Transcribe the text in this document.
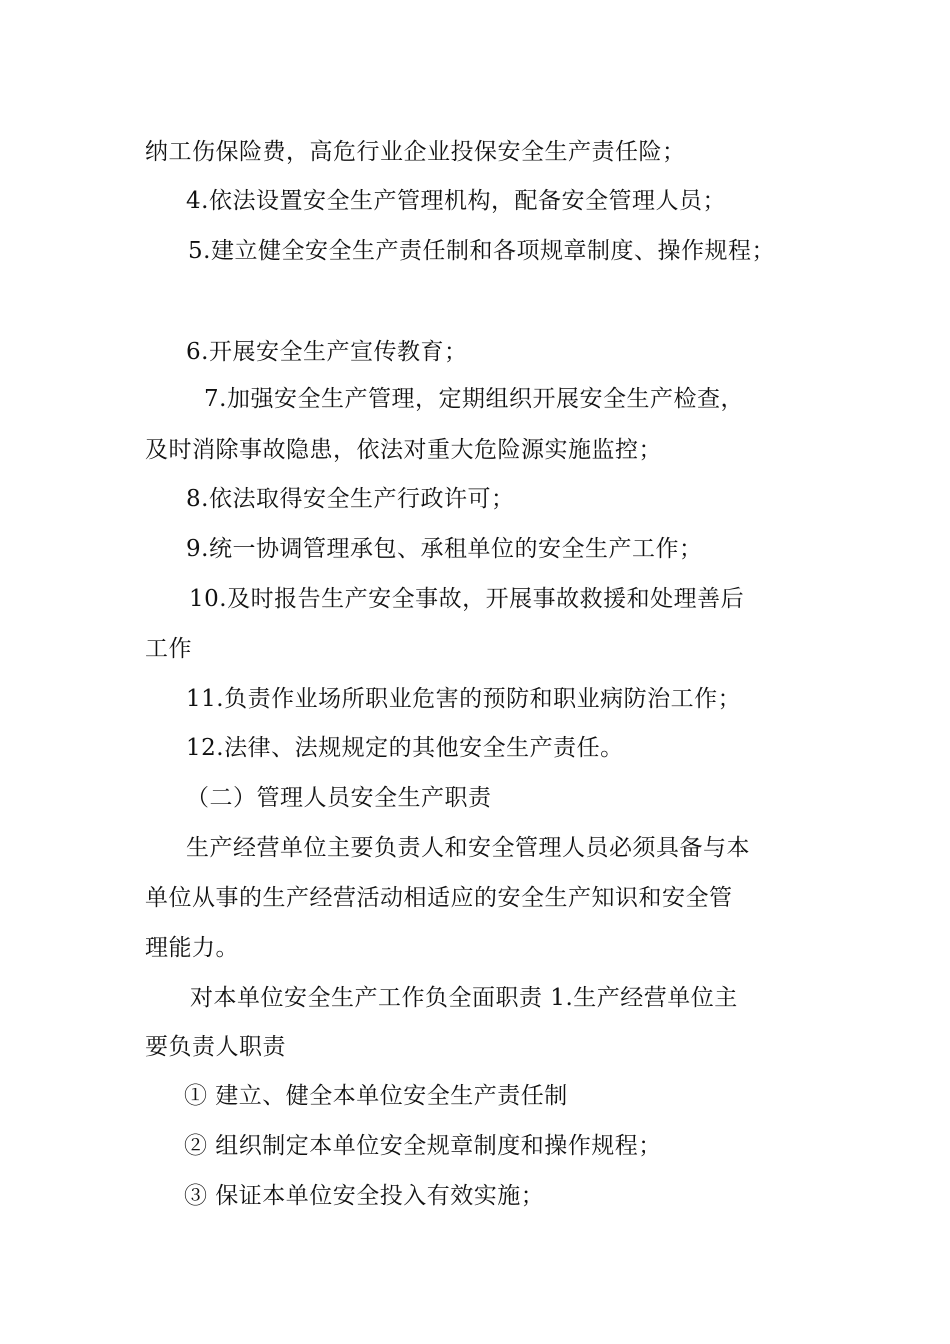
纳工伤保险费，高危行业企业投保安全生产责任险；
4.依法设置安全生产管理机构，配备安全管理人员；
5.建立健全安全生产责任制和各项规章制度、操作规程；
6.开展安全生产宣传教育；
7.加强安全生产管理，定期组织开展安全生产检查，
及时消除事故隐患，依法对重大危险源实施监控；
8.依法取得安全生产行政许可；
9.统一协调管理承包、承租单位的安全生产工作；
10.及时报告生产安全事故，开展事故救援和处理善后
工作
11.负责作业场所职业危害的预防和职业病防治工作；
12.法律、法规规定的其他安全生产责任。
（二）管理人员安全生产职责
生产经营单位主要负责人和安全管理人员必须具备与本
单位从事的生产经营活动相适应的安全生产知识和安全管
理能力。
对本单位安全生产工作负全面职责 1.生产经营单位主
要负责人职责
① 建立、健全本单位安全生产责任制
② 组织制定本单位安全规章制度和操作规程；
③ 保证本单位安全投入有效实施；
